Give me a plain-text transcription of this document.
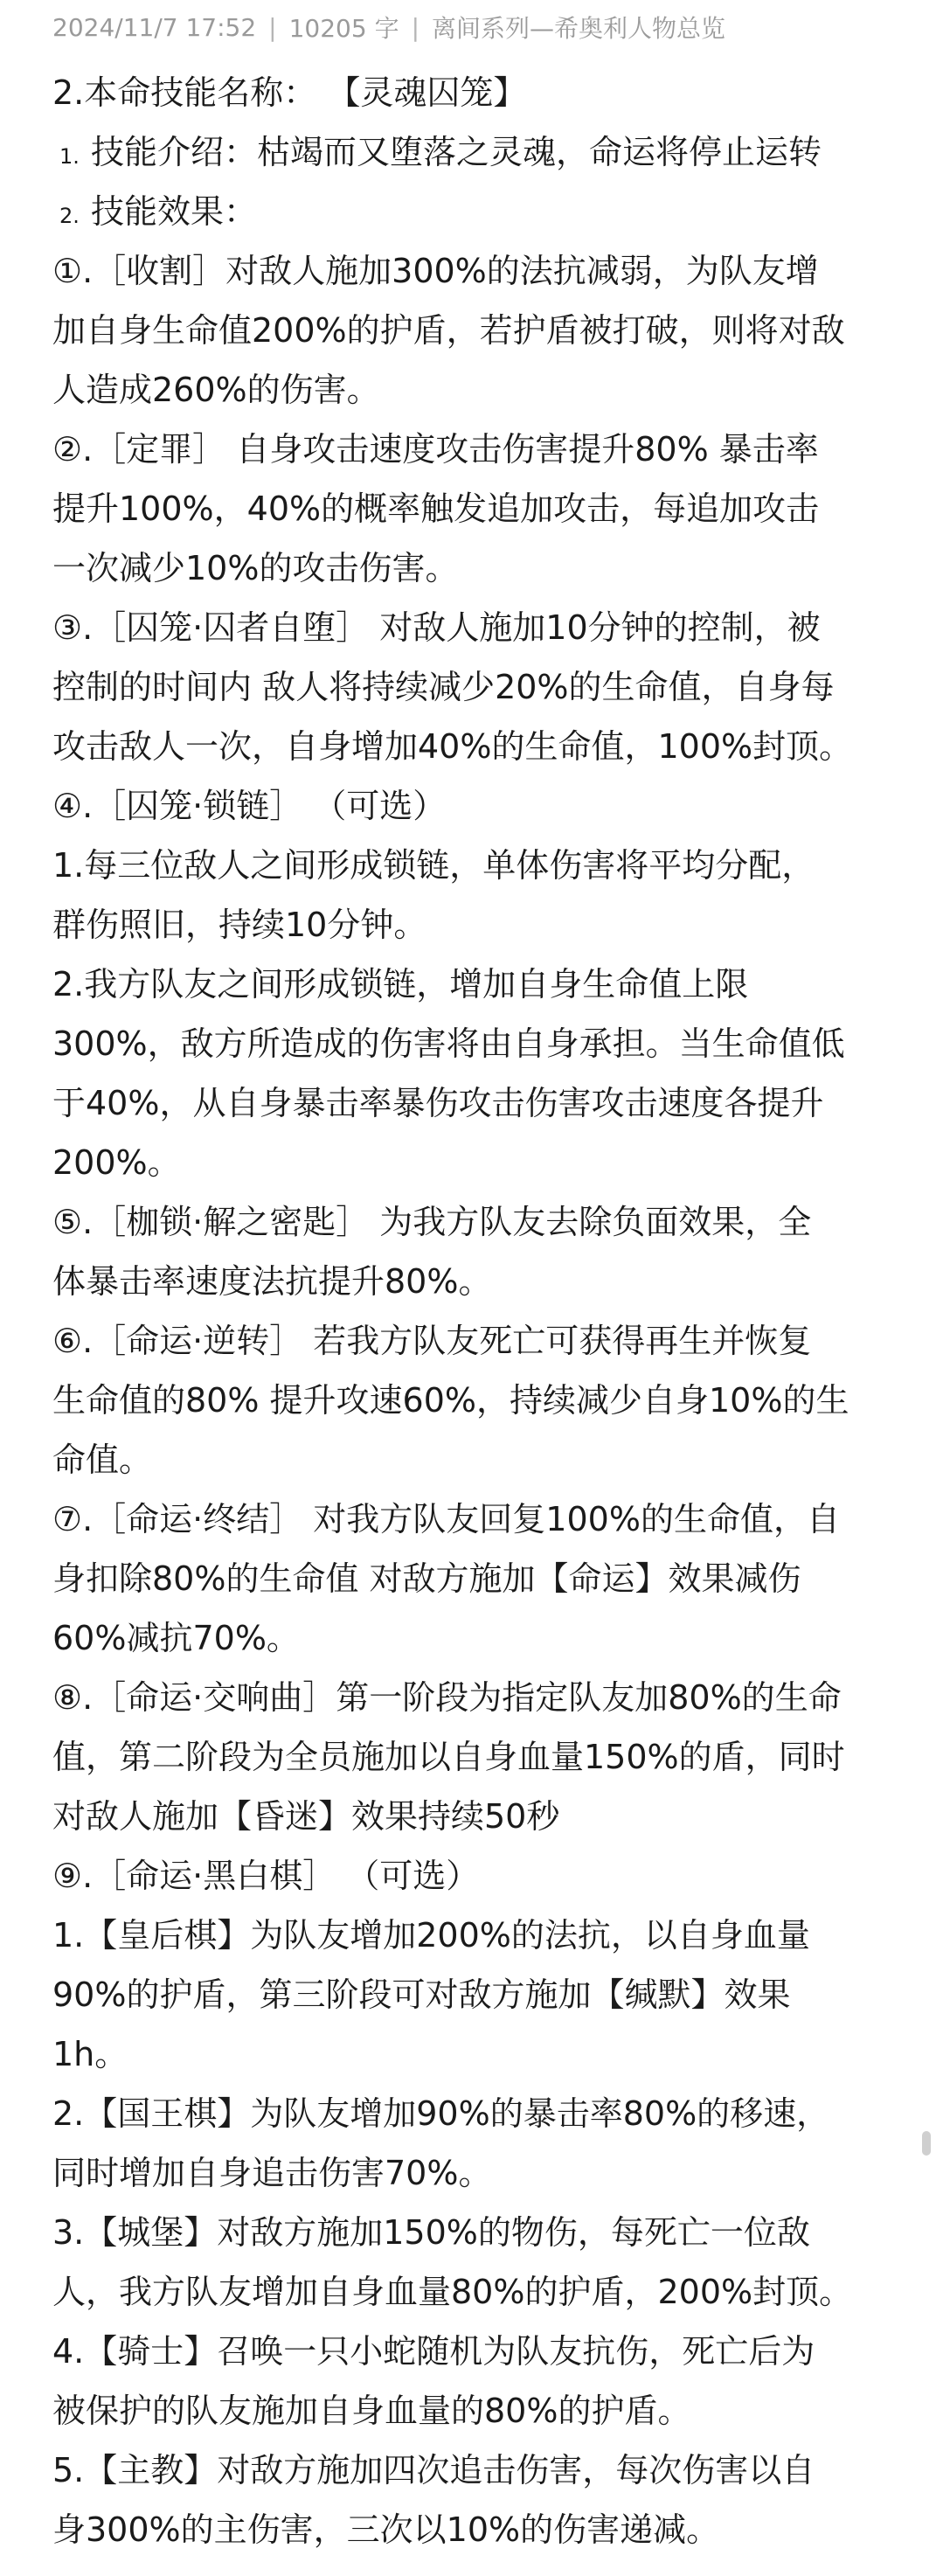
2024/11/7 17:52 | 10205 字 | 离间系列—希奥利人物总览
2.本命技能名称： 【灵魂囚笼】
1. 技能介绍：枯竭而又堕落之灵魂，命运将停止运转
2. 技能效果：
①.［收割］对敌人施加300%的法抗减弱，为队友增
加自身生命值200%的护盾，若护盾被打破，则将对敌
人造成260%的伤害。
②.［定罪］ 自身攻击速度攻击伤害提升80% 暴击率
提升100%，40%的概率触发追加攻击，每追加攻击
一次减少10%的攻击伤害。
③.［囚笼·囚者自堕］ 对敌人施加10分钟的控制，被
控制的时间内 敌人将持续减少20%的生命值，自身每
攻击敌人一次，自身增加40%的生命值，100%封顶。
④.［囚笼·锁链］ （可选）
1.每三位敌人之间形成锁链，单体伤害将平均分配，
群伤照旧，持续10分钟。
2.我方队友之间形成锁链，增加自身生命值上限
300%，敌方所造成的伤害将由自身承担。当生命值低
于40%，从自身暴击率暴伤攻击伤害攻击速度各提升
200%。
⑤.［枷锁·解之密匙］ 为我方队友去除负面效果，全
体暴击率速度法抗提升80%。
⑥.［命运·逆转］ 若我方队友死亡可获得再生并恢复
生命值的80% 提升攻速60%，持续减少自身10%的生
命值。
⑦.［命运·终结］ 对我方队友回复100%的生命值，自
身扣除80%的生命值 对敌方施加【命运】效果减伤
60%减抗70%。
⑧.［命运·交响曲］第一阶段为指定队友加80%的生命
值，第二阶段为全员施加以自身血量150%的盾，同时
对敌人施加【昏迷】效果持续50秒
⑨.［命运·黑白棋］ （可选）
1.【皇后棋】为队友增加200%的法抗，以自身血量
90%的护盾，第三阶段可对敌方施加【缄默】效果
1h。
2.【国王棋】为队友增加90%的暴击率80%的移速，
同时增加自身追击伤害70%。
3.【城堡】对敌方施加150%的物伤，每死亡一位敌
人，我方队友增加自身血量80%的护盾，200%封顶。
4.【骑士】召唤一只小蛇随机为队友抗伤，死亡后为
被保护的队友施加自身血量的80%的护盾。
5.【主教】对敌方施加四次追击伤害，每次伤害以自
身300%的主伤害，三次以10%的伤害递减。
